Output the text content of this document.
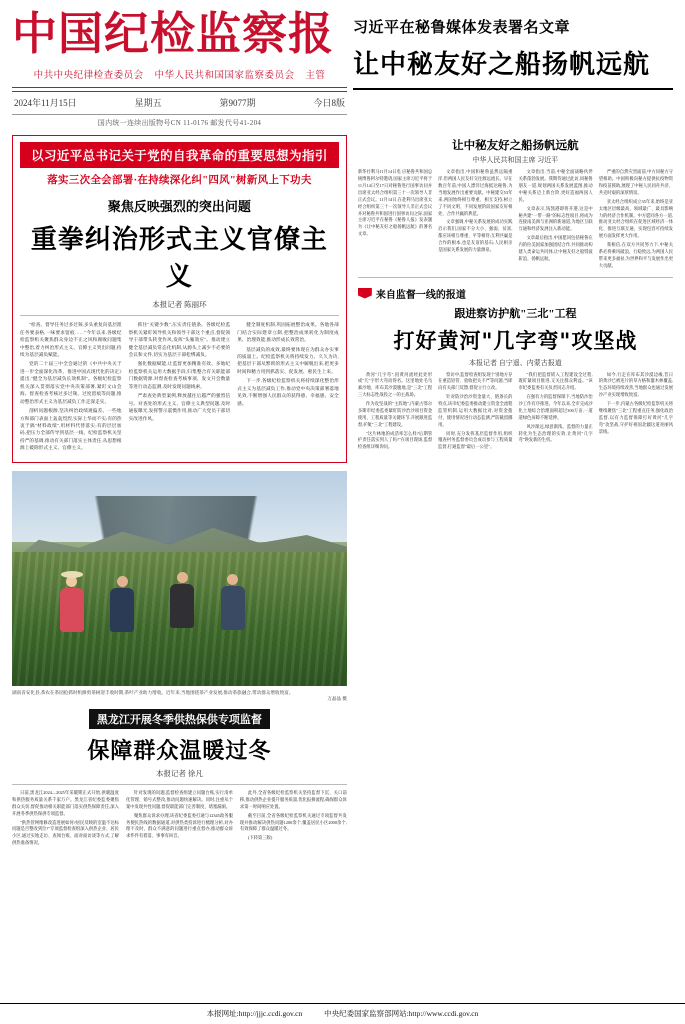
中国纪检监察报
中共中央纪律检查委员会 中华人民共和国国家监察委员会 主管
2024年11月15日	星期五	第9077期	今日8版
国内统一连续出版物号CN 11-0176 邮发代号41-204
习近平在秘鲁媒体发表署名文章
让中秘友好之船扬帆远航
以习近平总书记关于党的自我革命的重要思想为指引
落实三次全会部署·在持续深化纠"四风"树新风上下功夫
聚焦反映强烈的突出问题
重拳纠治形式主义官僚主义
本报记者 陈丽环

"检查、督导任务过多过频,多头重复向基层派任务要表格,一味要求留痕……"今年以来,各级纪检监察机关聚焦群众身边不正之风和腐败问题集中整治,着力纠治形式主义、官僚主义突出问题,持续为基层减负赋能。

党的二十届三中全会通过的《中共中央关于进一步全面深化改革、推进中国式现代化的决定》提出,"健全为基层减负长效机制"。各级纪检监察机关深入贯彻落实党中央决策部署,紧盯文山会海、督查检查考核过多过频、过度留痕等问题,推动整治形式主义为基层减负工作走深走实。

剖析问题根源,坚决纠治政绩观偏差。一些地方和部门表面上轰轰烈烈,实际上华而不实;有的热衷于搞"材料政绩",用材料代替落实;有的层层加码,把压力全部传导到基层一线。纪检监察机关坚持严的基调,推动有关部门落实主体责任,从思想根源上破除形式主义、官僚主义。

抓住"关键少数",压实责任链条。各级纪检监察机关紧盯领导机关和领导干部这个重点,督促领导干部带头转变作风,发挥"头雁效应"。推动建立健全基层减负常态化机制,从源头上减少不必要的会议和文件,切实为基层干部松绑减负。

强化数据赋能,让监督更加精准有效。多地纪检监察机关运用大数据手段,归集整合有关职能部门数据资源,对督查检查考核事项、发文开会数量等进行动态监测,及时发现问题线索。

严肃查处典型案例,释放越往后越严的强烈信号。对查处的形式主义、官僚主义典型问题,及时通报曝光,发挥警示震慑作用,推动广大党员干部切实改进作风。

健全制度机制,巩固拓展整治成果。各地各部门结合实际建章立制,把整治成果转化为制度成果、治理效能,推动形成长效常治。

基层减负的成效,最终要体现在为群众办实事的质量上。纪检监察机关将持续发力、久久为功,把基层干部从繁琐的形式主义中解脱出来,把更多时间和精力用到抓落实、促发展、惠民生上来。

下一步,各级纪检监察机关将持续深化整治形式主义为基层减负工作,推动党中央决策部署落地见效,不断增强人民群众的获得感、幸福感、安全感。

湖南省安化县,茶农在茶园抢抓时机修剪茶树迎丰收时期,茶叶产业助力增收。近年来,当地围绕茶产业发展,推动茶旅融合,带动群众增收致富。
万晶晶 摄
黑龙江开展冬季供热保供专项监督
保障群众温暖过冬
本报记者 徐凡

日前,黑龙江2024—2025年采暖期正式开始,供暖温度和供热服务质量关系千家万户。黑龙江省纪委监委聚焦群众关切,督促推动相关职能部门落实供热保障责任,深入开展冬季供热保供专项监督。

"供热管网维修改造进展如何?居民反映的室温不达标问题是否整改到位?"专项监督检查组深入供热企业、居民小区,通过实地走访、查阅台账、面对面访谈等方式,了解供热准备情况。

针对发现的问题,监督检查组建立问题台账,实行清单化管理、销号式整改,推动问题快速解决。同时,注重从个案中发现共性问题,督促职能部门完善制度、堵塞漏洞。

聚焦群众诉求办理,该省纪委监委打通与12345政务服务便民热线的数据通道,对供热类投诉进行梳理分析,对办理不及时、群众不满意的问题进行重点督办,推动群众诉求件件有着落、事事有回音。

此外,全省各级纪检监察机关坚持监督下沉、关口前移,推动供热企业提升服务质量,优化报修流程,确保群众诉求第一时间响应处置。

截至目前,全省各级纪检监察机关通过专项监督共发现并推动解决供热问题1200余个,覆盖居民小区2000余个,有效保障了群众温暖过冬。

(下转第三版)

让中秘友好之船扬帆远航
中华人民共和国主席 习近平
新华社利马11月14日电 应秘鲁共和国总统博鲁阿尔特邀请,国家主席习近平将于11月14日至17日对秘鲁进行国事访问并出席亚太经合组织第三十一次领导人非正式会议。11月14日,在赴利马出席亚太经合组织第三十一次领导人非正式会议并对秘鲁共和国进行国事访问之际,国家主席习近平在秘鲁《秘鲁人报》发表题为《让中秘友好之船扬帆远航》的署名文章。

文章指出,中国和秘鲁虽然远隔重洋,但两国人民友好交往源远流长。早在数百年前,中国人漂洋过海抵达秘鲁,为当地发展作出重要贡献。中秘建交53年来,两国始终相互尊重、相互支持,树立了不同文明、不同发展阶段国家友好相处、合作共赢的典范。

文章强调,中秘关系发展的成功实践启示我们,国家不分大小、强弱、贫富,都应该相互尊重、平等相待;互利共赢是合作的根本,也是友谊的基石;人民相亲是国家关系发展的力量源泉。

文章指出,当前,中秘全面战略伙伴关系蓬勃发展。我期待通过此访,同秘鲁朋友一道,规划两国关系发展蓝图,推动中秘关系迈上新台阶,更好造福两国人民。

文章表示,钱凯港即将开港,这是中秘共建"一带一路"的标志性项目,将成为连接南美洲与亚洲的新通道,为地区互联互通和经济发展注入新动能。

文章最后指出,中国愿同包括秘鲁在内的拉美国家加强团结合作,共同推动构建人类命运共同体,让中秘友好之船劈波斩浪、扬帆远航。

严重的自然灾害面前,中方同秘方守望相助。中国积极向秘方提供抗疫物资和疫苗援助,展现了中秘人民同舟共济、共克时艰的深厚情谊。

亚太经合组织成立35年来,始终是亚太地区层级最高、领域最广、最具影响力的经济合作机制。中方愿同各方一道,推动亚太经合组织在促进区域经济一体化、推进互联互通、实现包容可持续发展方面发挥更大作用。

我相信,在双方共同努力下,中秘关系必将乘风破浪、行稳致远,为两国人民带来更多福祉,为世界和平与发展作出更大贡献。

来自监督一线的报道
跟进察访护航"三北"工程
打好黄河"几字弯"攻坚战
本报记者 自宁遥、内蒙古报道

黄河"几字弯",因黄河流经此处形成"几"字形大弯而得名。这里地处毛乌素沙地、库布其沙漠腹地,是"三北"工程三大标志性战役之一的主战场。

作为攻坚战的"主阵地",内蒙古鄂尔多斯市纪委监委紧盯防沙治沙项目资金使用、工程质量等关键环节,开展跟进监督,护航"三北"工程建设。

"这片林地的成活率怎么样?后期管护责任落实到人了吗?"在项目现场,监督检查组详细询问。

察访中,监督检查组发现个别地方存在重造轻管、验收把关不严等问题,当即向有关部门反馈,督促立行立改。

针对防沙治沙资金量大、链条长的特点,该市纪委监委推动建立资金全流程监管机制,运用大数据比对,对资金拨付、使用情况进行动态监测,严防截留挪用。

同时,充分发挥基层监督作用,组织嘎查村务监督委员会成员参与工程质量监督,打通监督"最后一公里"。

"我们把监督嵌入工程建设全过程,既盯紧项目推进,又关注群众利益。"该市纪委监委有关负责同志介绍。

在强有力的监督保障下,当地防沙治沙工作有序推进。今年以来,全市完成沙化土地综合治理面积超过300万亩,一道道绿色屏障不断延伸。

风沙渐远,绿意渐浓。监督的力量正转化为生态治理的实效,让黄河"几字弯"焕发新的生机。

如今,行走在库布其沙漠边缘,昔日的黄沙已被连片的草方格和灌木林覆盖,生态环境持续改善,当地群众也通过发展沙产业实现增收致富。

下一步,内蒙古各级纪检监察机关将继续聚焦"三北"工程重点任务,强化政治监督,以有力监督保障打好黄河"几字弯"攻坚战,守护好祖国北疆这道亮丽风景线。

本报网址:http://jjjc.ccdi.gov.cn	中央纪委国家监察部网站:http://www.ccdi.gov.cn
